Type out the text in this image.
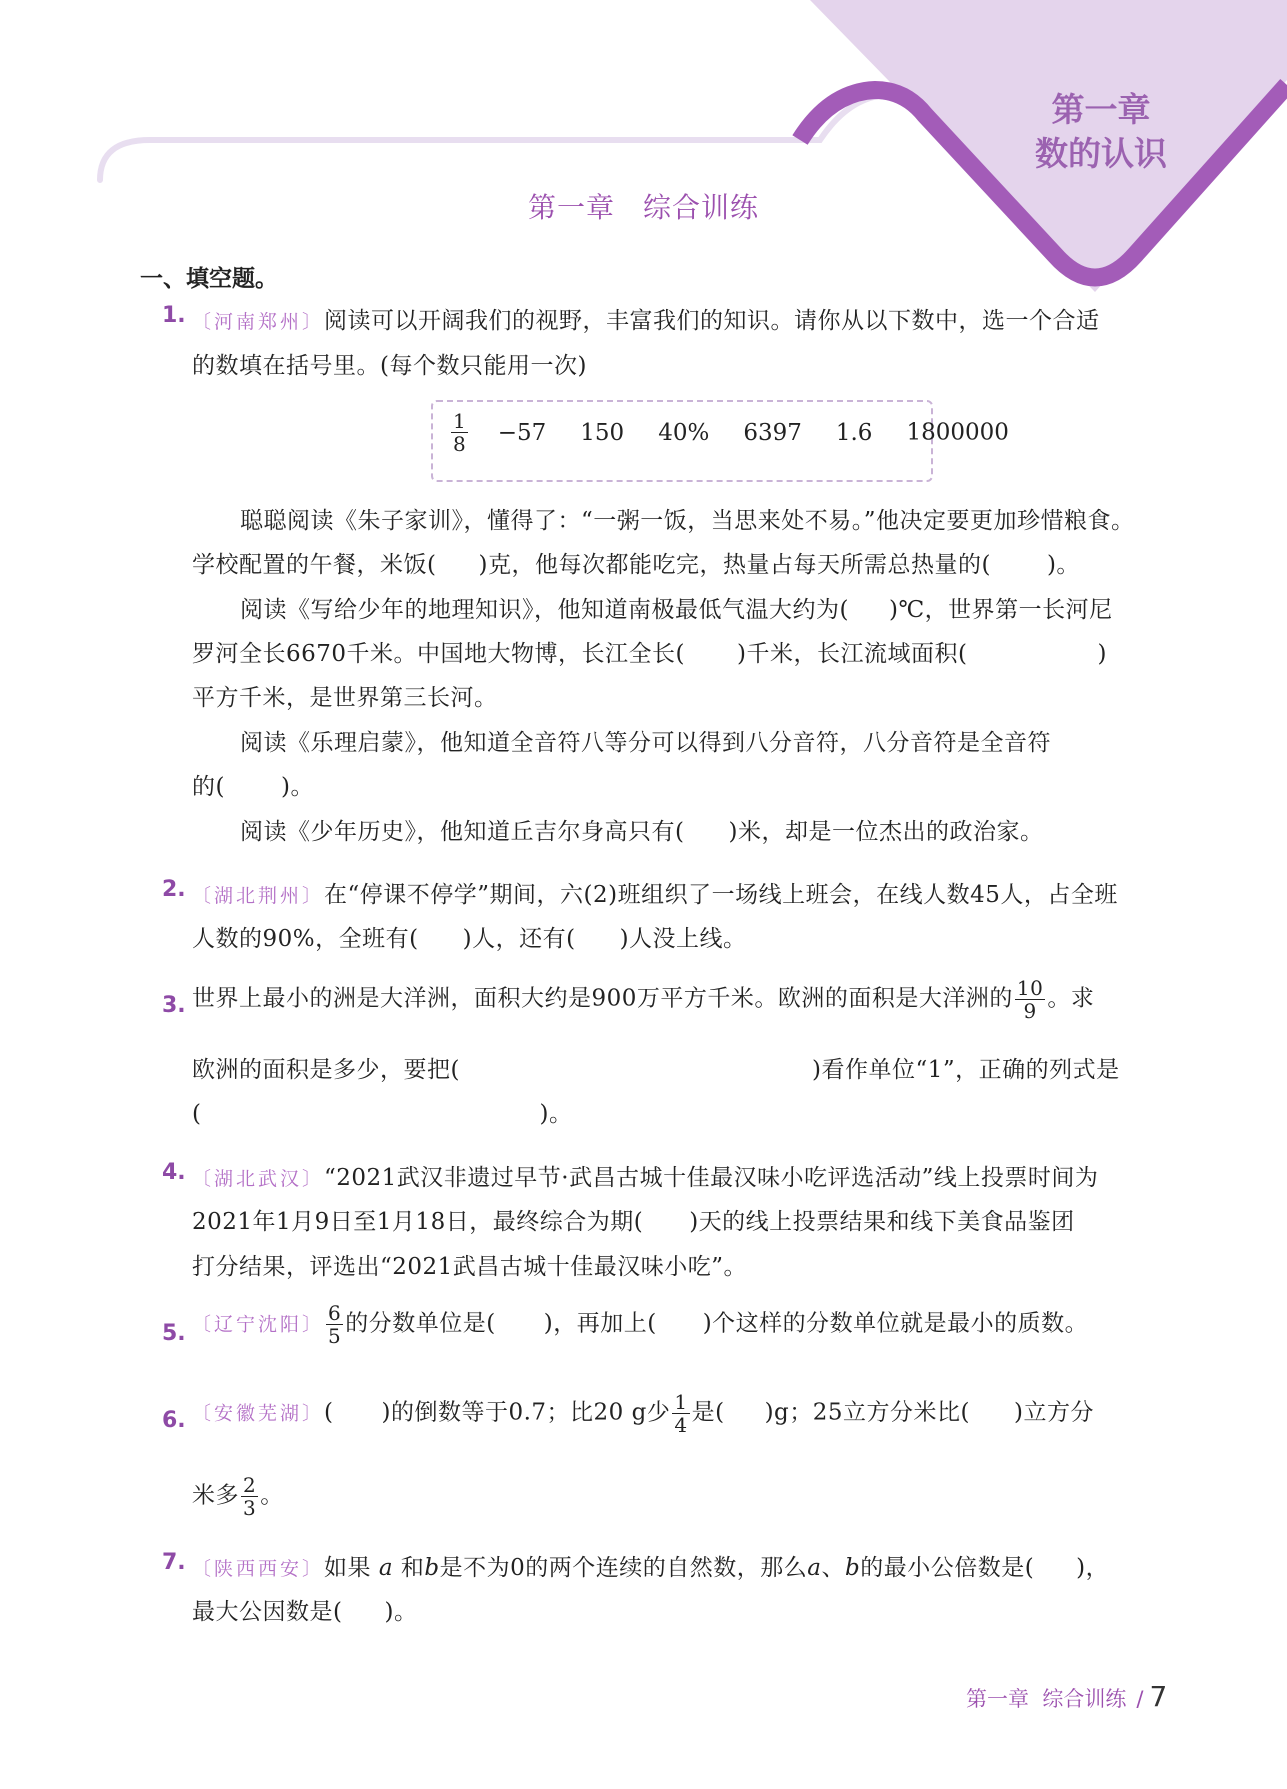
第一章
数的认识
第一章 综合训练
一、填空题。
1. 〔河南郑州〕阅读可以开阔我们的视野，丰富我们的知识。请你从以下数中，选一个合适
的数填在括号里。(每个数只能用一次)
$\frac{1}{8} -57$ 150 40% 6397 1.6 1800000
聪聪阅读《朱子家训》，懂得了：“一粥一饭，当思来处不易。”他决定要更加珍惜粮食。
学校配置的午餐，米饭( )克，他每次都能吃完，热量占每天所需总热量的( )。
阅读《写给少年的地理知识》，他知道南极最低气温大约为( )℃，世界第一长河尼
罗河全长6670千米。中国地大物博，长江全长( )千米，长江流域面积(	)
平方千米，是世界第三长河。
阅读《乐理启蒙》，他知道全音符八等分可以得到八分音符，八分音符是全音符
的( )。
阅读《少年历史》，他知道丘吉尔身高只有( )米，却是一位杰出的政治家。
2. 〔湖北荆州〕在“停课不停学”期间，六(2)班组织了一场线上班会，在线人数45人，占全班
人数的90%，全班有( )人，还有( )人没上线。
3. 世界上最小的洲是大洋洲，面积大约是900万平方千米。欧洲的面积是大洋洲的 $\frac{10}{9}$ 。求
欧洲的面积是多少，要把(	)看作单位“1”，正确的列式是
(	)。
4. 〔湖北武汉〕“2021武汉非遗过早节·武昌古城十佳最汉味小吃评选活动”线上投票时间为
2021年1月9日至1月18日，最终综合为期( )天的线上投票结果和线下美食品鉴团
打分结果，评选出“2021武昌古城十佳最汉味小吃”。
5. 〔辽宁沈阳〕 $\frac{6}{5}$ 的分数单位是( )，再加上( )个这样的分数单位就是最小的质数。
6. 〔安徽芜湖〕( )的倒数等于0.7；比20 g少 $\frac{1}{4}$ 是( )g；25立方分米比( )立方分
米多 $\frac{2}{3}$ 。
7. 〔陕西西安〕如果 a 和b是不为0的两个连续的自然数，那么a、b的最小公倍数是( )，
最大公因数是( )。
第一章 综合训练 / 7
